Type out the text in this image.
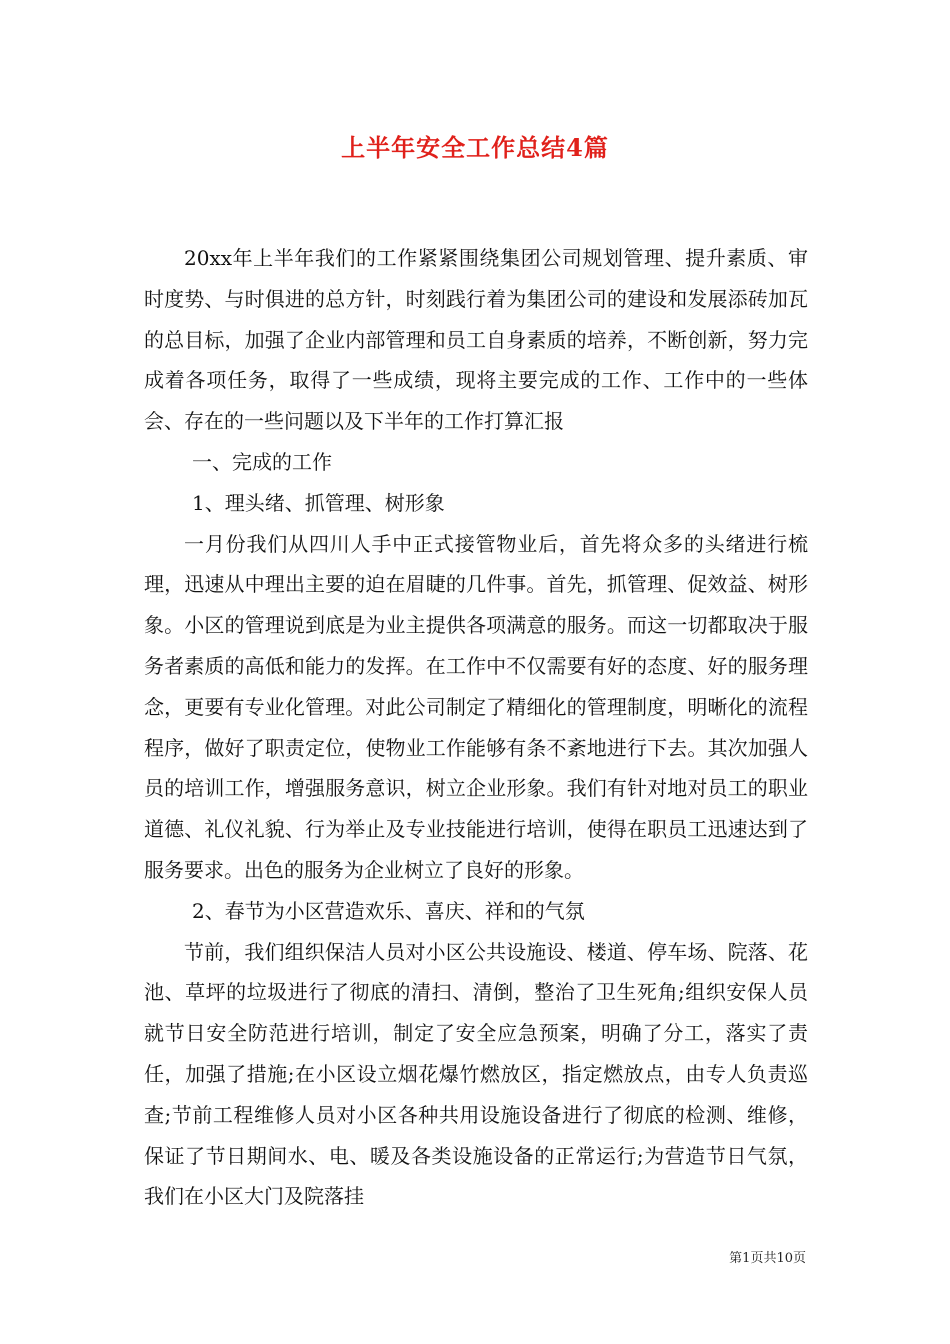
上半年安全工作总结4篇

20xx年上半年我们的工作紧紧围绕集团公司规划管理、提升素质、审时度势、与时俱进的总方针，时刻践行着为集团公司的建设和发展添砖加瓦的总目标，加强了企业内部管理和员工自身素质的培养，不断创新，努力完成着各项任务，取得了一些成绩，现将主要完成的工作、工作中的一些体会、存在的一些问题以及下半年的工作打算汇报

一、完成的工作

1、理头绪、抓管理、树形象

一月份我们从四川人手中正式接管物业后，首先将众多的头绪进行梳理，迅速从中理出主要的迫在眉睫的几件事。首先，抓管理、促效益、树形象。小区的管理说到底是为业主提供各项满意的服务。而这一切都取决于服务者素质的高低和能力的发挥。在工作中不仅需要有好的态度、好的服务理念，更要有专业化管理。对此公司制定了精细化的管理制度，明晰化的流程程序，做好了职责定位，使物业工作能够有条不紊地进行下去。其次加强人员的培训工作，增强服务意识，树立企业形象。我们有针对地对员工的职业道德、礼仪礼貌、行为举止及专业技能进行培训，使得在职员工迅速达到了服务要求。出色的服务为企业树立了良好的形象。

2、春节为小区营造欢乐、喜庆、祥和的气氛

节前，我们组织保洁人员对小区公共设施设、楼道、停车场、院落、花池、草坪的垃圾进行了彻底的清扫、清倒，整治了卫生死角;组织安保人员就节日安全防范进行培训，制定了安全应急预案，明确了分工，落实了责任，加强了措施;在小区设立烟花爆竹燃放区，指定燃放点，由专人负责巡查;节前工程维修人员对小区各种共用设施设备进行了彻底的检测、维修，保证了节日期间水、电、暖及各类设施设备的正常运行;为营造节日气氛，我们在小区大门及院落挂

第1页共10页
